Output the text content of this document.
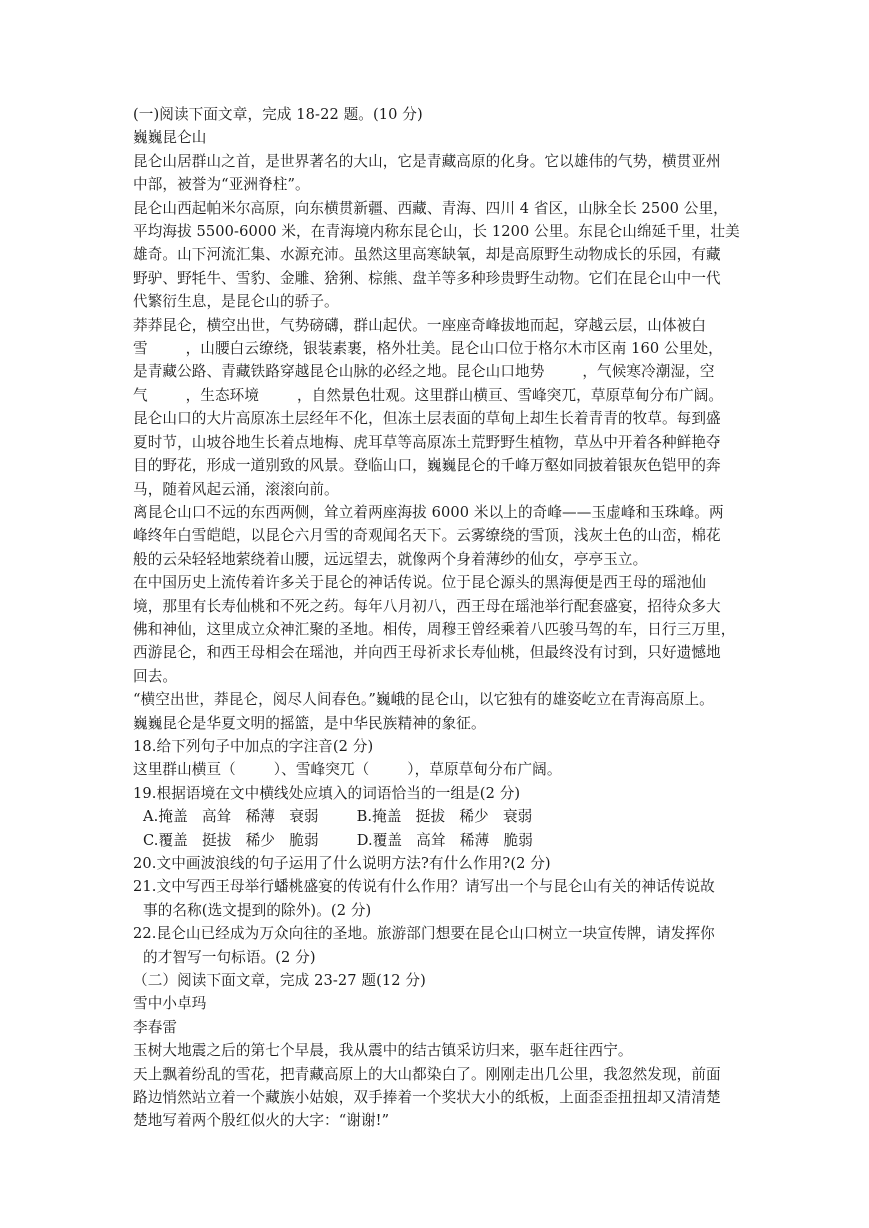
(一)阅读下面文章，完成 18-22 题。(10 分)
巍巍昆仑山
昆仑山居群山之首，是世界著名的大山，它是青藏高原的化身。它以雄伟的气势，横贯亚州
中部，被誉为“亚洲脊柱”。
昆仑山西起帕米尔高原，向东横贯新疆、西藏、青海、四川 4 省区，山脉全长 2500 公里，
平均海拔 5500-6000 米，在青海境内称东昆仑山，长 1200 公里。东昆仑山绵延千里，壮美
雄奇。山下河流汇集、水源充沛。虽然这里高寒缺氧，却是高原野生动物成长的乐园，有藏
野驴、野牦牛、雪豹、金雕、猞猁、棕熊、盘羊等多种珍贵野生动物。它们在昆仑山中一代
代繁衍生息，是昆仑山的骄子。
莽莽昆仑，横空出世，气势磅礴，群山起伏。一座座奇峰拔地而起，穿越云层，山体被白
雪        ，山腰白云缭绕，银装素裹，格外壮美。昆仑山口位于格尔木市区南 160 公里处，
是青藏公路、青藏铁路穿越昆仑山脉的必经之地。昆仑山口地势        ，气候寒冷潮湿，空
气        ，生态环境        ，自然景色壮观。这里群山横亘、雪峰突兀，草原草甸分布广阔。
昆仑山口的大片高原冻土层经年不化，但冻土层表面的草甸上却生长着青青的牧草。每到盛
夏时节，山坡谷地生长着点地梅、虎耳草等高原冻土荒野野生植物，草丛中开着各种鲜艳夺
目的野花，形成一道别致的风景。登临山口，巍巍昆仑的千峰万壑如同披着银灰色铠甲的奔
马，随着风起云涌，滚滚向前。
离昆仑山口不远的东西两侧，耸立着两座海拔 6000 米以上的奇峰——玉虚峰和玉珠峰。两
峰终年白雪皑皑，以昆仑六月雪的奇观闻名天下。云雾缭绕的雪顶，浅灰土色的山峦，棉花
般的云朵轻轻地萦绕着山腰，远远望去，就像两个身着薄纱的仙女，亭亭玉立。
在中国历史上流传着许多关于昆仑的神话传说。位于昆仑源头的黑海便是西王母的瑶池仙
境，那里有长寿仙桃和不死之药。每年八月初八，西王母在瑶池举行配套盛宴，招待众多大
佛和神仙，这里成立众神汇聚的圣地。相传，周穆王曾经乘着八匹骏马驾的车，日行三万里，
西游昆仑，和西王母相会在瑶池，并向西王母祈求长寿仙桃，但最终没有讨到，只好遗憾地
回去。
“横空出世，莽昆仑，阅尽人间春色。”巍峨的昆仑山，以它独有的雄姿屹立在青海高原上。
巍巍昆仑是华夏文明的摇篮，是中华民族精神的象征。
18.给下列句子中加点的字注音(2 分)
这里群山横亘（        ）、雪峰突兀（        ），草原草甸分布广阔。
19.根据语境在文中横线处应填入的词语恰当的一组是(2 分)
A.掩盖   高耸   稀薄   衰弱	B.掩盖   挺拔   稀少   衰弱
C.覆盖   挺拔   稀少   脆弱	D.覆盖   高耸   稀薄   脆弱
20.文中画波浪线的句子运用了什么说明方法?有什么作用?(2 分)
21.文中写西王母举行蟠桃盛宴的传说有什么作用？请写出一个与昆仑山有关的神话传说故
事的名称(选文提到的除外)。(2 分)
22.昆仑山已经成为万众向往的圣地。旅游部门想要在昆仑山口树立一块宣传牌，请发挥你
的才智写一句标语。(2 分)
（二）阅读下面文章，完成 23-27 题(12 分)
雪中小卓玛
李春雷
玉树大地震之后的第七个早晨，我从震中的结古镇采访归来，驱车赶往西宁。
天上飘着纷乱的雪花，把青藏高原上的大山都染白了。刚刚走出几公里，我忽然发现，前面
路边悄然站立着一个藏族小姑娘，双手捧着一个奖状大小的纸板，上面歪歪扭扭却又清清楚
楚地写着两个殷红似火的大字：“谢谢!”
